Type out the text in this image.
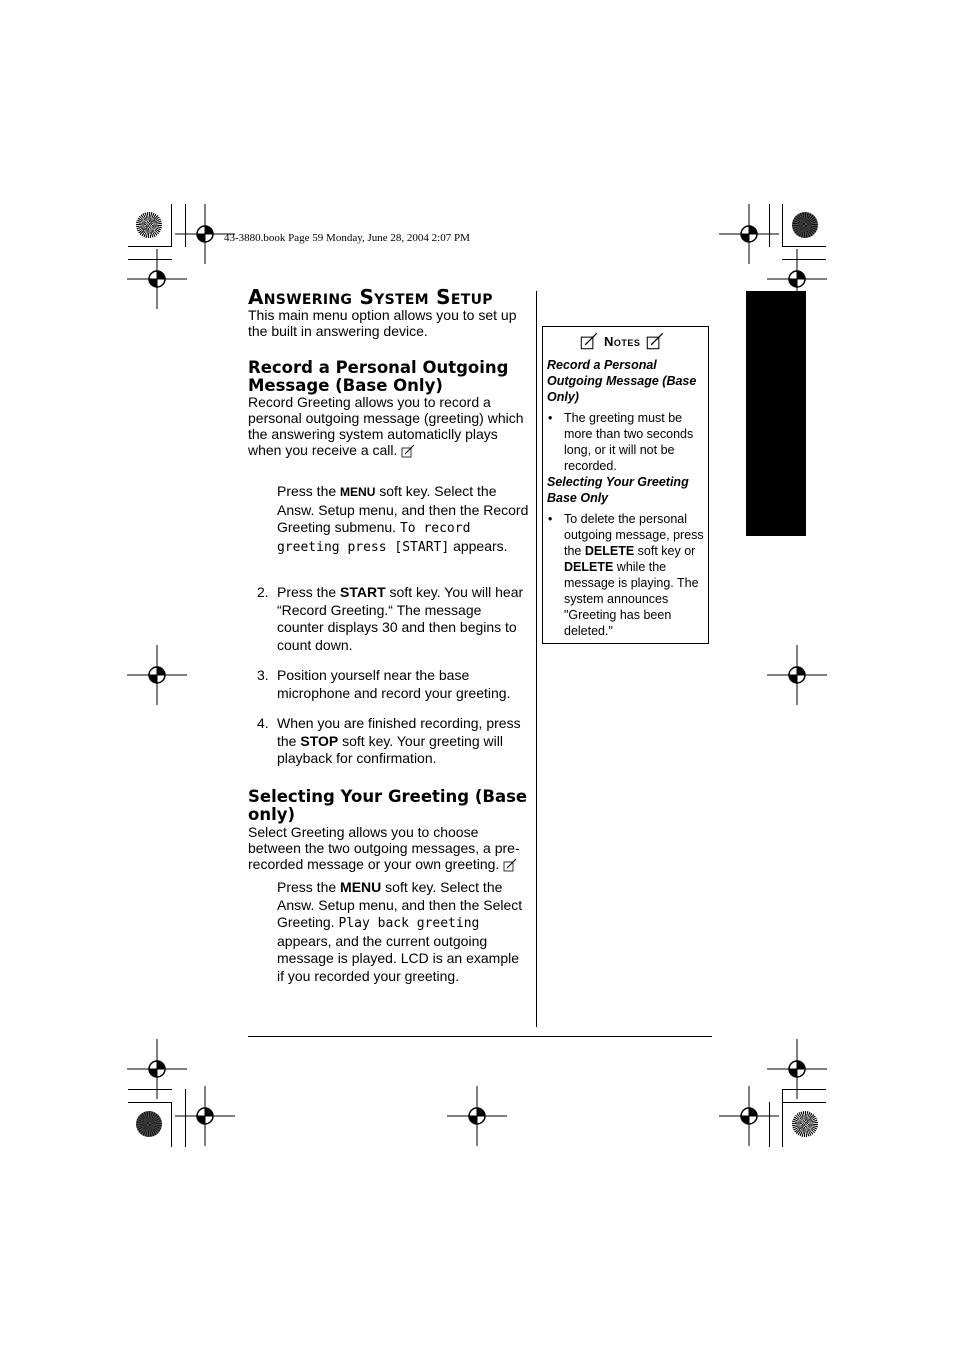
43-3880.book Page 59 Monday, June 28, 2004 2:07 PM
Answering System Setup
This main menu option allows you to set up the built in answering device.
Record a Personal Outgoing
Message (Base Only)
Record Greeting allows you to record a personal outgoing message (greeting) which the answering system automaticlly plays when you receive a call.
Press the MENU soft key. Select the Answ. Setup menu, and then the Record Greeting submenu. To record greeting press [START] appears.
2. Press the START soft key. You will hear “Record Greeting.“ The message counter displays 30 and then begins to count down.
3. Position yourself near the base microphone and record your greeting.
4. When you are finished recording, press the STOP soft key. Your greeting will playback for confirmation.
Selecting Your Greeting (Base
only)
Select Greeting allows you to choose between the two outgoing messages, a pre-recorded message or your own greeting.
Press the MENU soft key. Select the Answ. Setup menu, and then the Select Greeting. Play back greeting appears, and the current outgoing message is played. LCD is an example if you recorded your greeting.
Notes
Record a Personal Outgoing Message (Base Only)
• The greeting must be more than two seconds long, or it will not be recorded.
Selecting Your Greeting Base Only
• To delete the personal outgoing message, press the DELETE soft key or DELETE while the message is playing. The system announces "Greeting has been deleted."
